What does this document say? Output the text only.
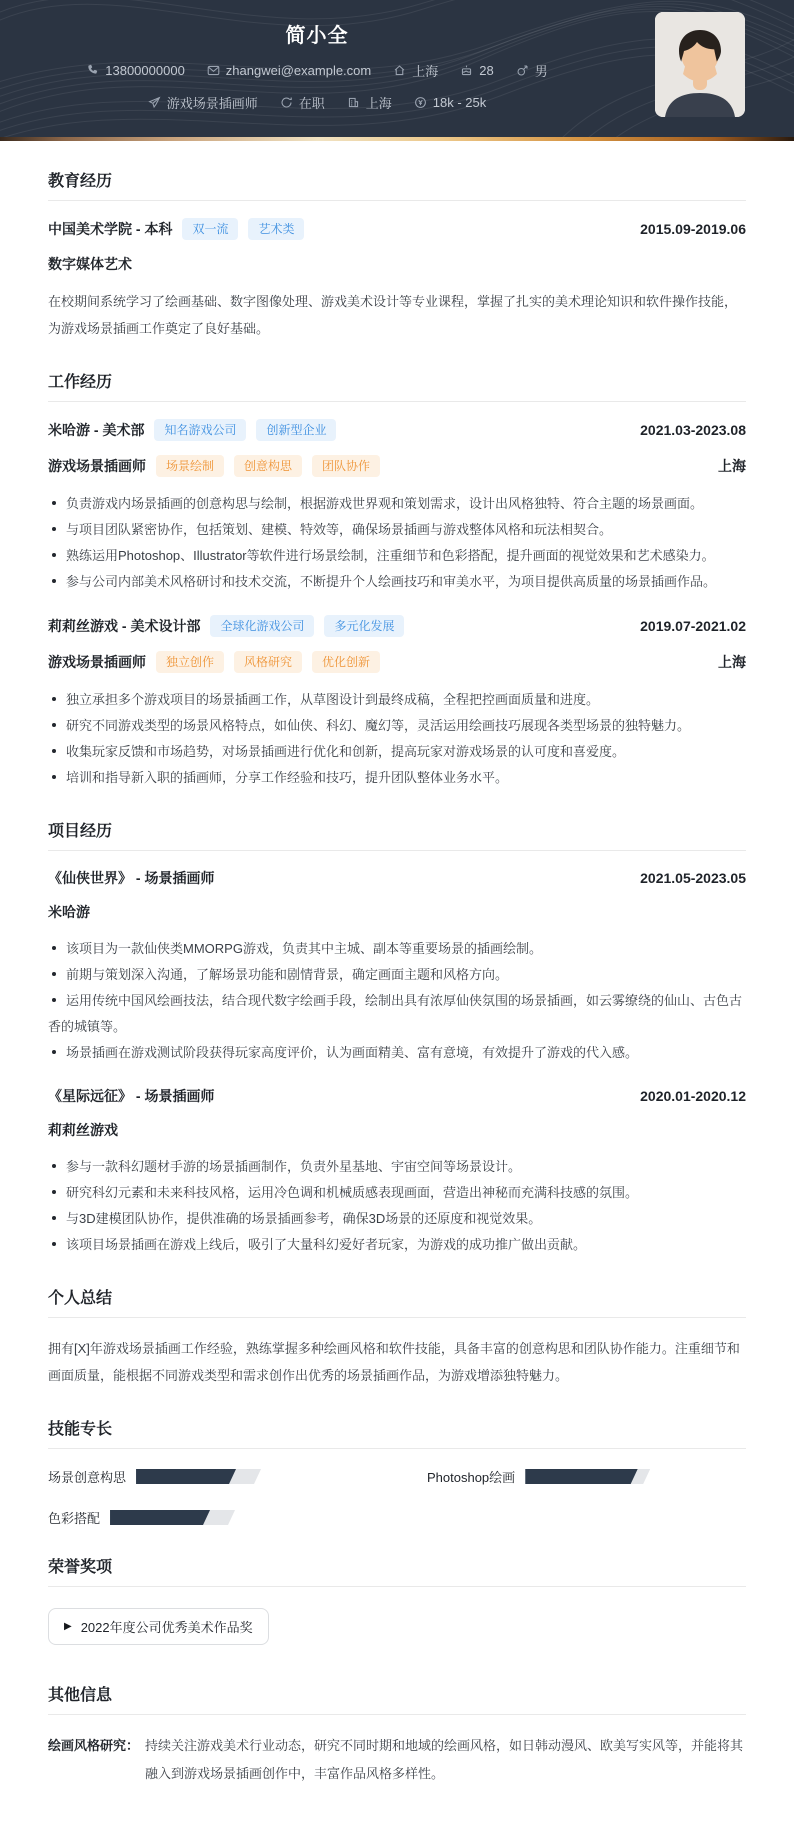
简小全
13800000000	zhangwei@example.com	上海	28	男
游戏场景插画师	在职	上海	18k - 25k
教育经历
中国美术学院 - 本科	双一流	艺术类	2015.09-2019.06
数字媒体艺术

在校期间系统学习了绘画基础、数字图像处理、游戏美术设计等专业课程，掌握了扎实的美术理论知识和软件操作技能，为游戏场景插画工作奠定了良好基础。

工作经历
米哈游 - 美术部	知名游戏公司	创新型企业	2021.03-2023.08
游戏场景插画师	场景绘制	创意构思	团队协作	上海
负责游戏内场景插画的创意构思与绘制，根据游戏世界观和策划需求，设计出风格独特、符合主题的场景画面。
与项目团队紧密协作，包括策划、建模、特效等，确保场景插画与游戏整体风格和玩法相契合。
熟练运用Photoshop、Illustrator等软件进行场景绘制，注重细节和色彩搭配，提升画面的视觉效果和艺术感染力。
参与公司内部美术风格研讨和技术交流，不断提升个人绘画技巧和审美水平，为项目提供高质量的场景插画作品。
莉莉丝游戏 - 美术设计部	全球化游戏公司	多元化发展	2019.07-2021.02
游戏场景插画师	独立创作	风格研究	优化创新	上海
独立承担多个游戏项目的场景插画工作，从草图设计到最终成稿，全程把控画面质量和进度。
研究不同游戏类型的场景风格特点，如仙侠、科幻、魔幻等，灵活运用绘画技巧展现各类型场景的独特魅力。
收集玩家反馈和市场趋势，对场景插画进行优化和创新，提高玩家对游戏场景的认可度和喜爱度。
培训和指导新入职的插画师，分享工作经验和技巧，提升团队整体业务水平。
项目经历
《仙侠世界》 - 场景插画师	2021.05-2023.05
米哈游
该项目为一款仙侠类MMORPG游戏，负责其中主城、副本等重要场景的插画绘制。
前期与策划深入沟通，了解场景功能和剧情背景，确定画面主题和风格方向。
运用传统中国风绘画技法，结合现代数字绘画手段，绘制出具有浓厚仙侠氛围的场景插画，如云雾缭绕的仙山、古色古香的城镇等。
场景插画在游戏测试阶段获得玩家高度评价，认为画面精美、富有意境，有效提升了游戏的代入感。
《星际远征》 - 场景插画师	2020.01-2020.12
莉莉丝游戏
参与一款科幻题材手游的场景插画制作，负责外星基地、宇宙空间等场景设计。
研究科幻元素和未来科技风格，运用冷色调和机械质感表现画面，营造出神秘而充满科技感的氛围。
与3D建模团队协作，提供准确的场景插画参考，确保3D场景的还原度和视觉效果。
该项目场景插画在游戏上线后，吸引了大量科幻爱好者玩家，为游戏的成功推广做出贡献。
个人总结

拥有[X]年游戏场景插画工作经验，熟练掌握多种绘画风格和软件技能，具备丰富的创意构思和团队协作能力。注重细节和画面质量，能根据不同游戏类型和需求创作出优秀的场景插画作品，为游戏增添独特魅力。

技能专长
场景创意构思	Photoshop绘画
色彩搭配
荣誉奖项
▶ 2022年度公司优秀美术作品奖
其他信息
绘画风格研究： 持续关注游戏美术行业动态，研究不同时期和地域的绘画风格，如日韩动漫风、欧美写实风等，并能将其融入到游戏场景插画创作中，丰富作品风格多样性。
